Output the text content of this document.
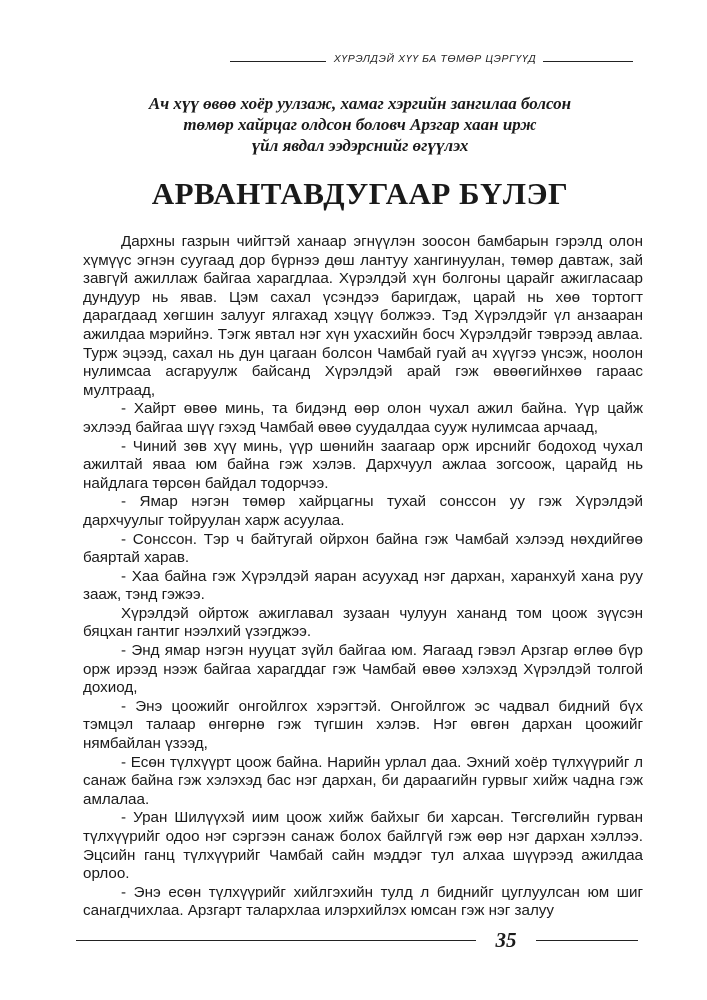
ХҮРЭЛДЭЙ ХҮҮ БА ТӨМӨР ЦЭРГҮҮД
Ач хүү өвөө хоёр уулзаж, хамаг хэргийн зангилаа болсон
төмөр хайрцаг олдсон боловч Арзгар хаан ирж
үйл явдал ээдэрснийг өгүүлэх
АРВАНТАВДУГААР БҮЛЭГ

Дархны газрын чийгтэй ханаар эгнүүлэн зоосон бамбарын гэрэлд олон хүмүүс эгнэн суугаад дор бүрнээ дөш лантуу хангинуулан, төмөр давтаж, зай завгүй ажиллаж байгаа харагдлаа. Хүрэлдэй хүн болгоны царайг ажигласаар дундуур нь явав. Цэм сахал үсэндээ баригдаж, царай нь хөө тортогт дарагдаад хөгшин залууг ялгахад хэцүү болжээ. Тэд Хүрэлдэйг үл анзааран ажилдаа мэрийнэ. Тэгж явтал нэг хүн ухасхийн босч Хүрэлдэйг тэврээд авлаа. Турж эцээд, сахал нь дун цагаан болсон Чамбай гуай ач хүүгээ үнсэж, ноолон нулимсаа асгаруулж байсанд Хүрэлдэй арай гэж өвөөгийнхөө гараас мултраад,

- Хайрт өвөө минь, та бидэнд өөр олон чухал ажил байна. Үүр цайж эхлээд байгаа шүү гэхэд Чамбай өвөө суудалдаа сууж нулимсаа арчаад,

- Чиний зөв хүү минь, үүр шөнийн заагаар орж ирснийг бодоход чухал ажилтай яваа юм байна гэж хэлэв. Дархчуул ажлаа зогсоож, царайд нь найдлага төрсөн байдал тодорчээ.

- Ямар нэгэн төмөр хайрцагны тухай сонссон уу гэж Хүрэлдэй дархчуулыг тойруулан харж асуулаа.

- Сонссон. Тэр ч байтугай ойрхон байна гэж Чамбай хэлээд нөхдийгөө баяртай харав.

- Хаа байна гэж Хүрэлдэй яаран асуухад нэг дархан, харанхуй хана руу зааж, тэнд гэжээ.

Хүрэлдэй ойртож ажиглавал зузаан чулуун хананд том цоож зүүсэн бяцхан гантиг нээлхий үзэгджээ.

- Энд ямар нэгэн нууцат зүйл байгаа юм. Яагаад гэвэл Арзгар өглөө бүр орж ирээд нээж байгаа харагддаг гэж Чамбай өвөө хэлэхэд Хүрэлдэй толгой дохиод,

- Энэ цоожийг онгойлгох хэрэгтэй. Онгойлгож эс чадвал бидний бүх тэмцэл талаар өнгөрнө гэж түгшин хэлэв. Нэг өвгөн дархан цоожийг нямбайлан үзээд,

- Есөн түлхүүрт цоож байна. Нарийн урлал даа. Эхний хоёр түлхүүрийг л санаж байна гэж хэлэхэд бас нэг дархан, би дараагийн гурвыг хийж чадна гэж амлалаа.

- Уран Шилүүхэй иим цоож хийж байхыг би харсан. Төгсгөлийн гурван түлхүүрийг одоо нэг сэргээн санаж болох байлгүй гэж өөр нэг дархан хэллээ. Эцсийн ганц түлхүүрийг Чамбай сайн мэддэг тул алхаа шүүрээд ажилдаа орлоо.

- Энэ есөн түлхүүрийг хийлгэхийн тулд л биднийг цуглуулсан юм шиг санагдчихлаа. Арзгарт талархлаа илэрхийлэх юмсан гэж нэг залуу

35
